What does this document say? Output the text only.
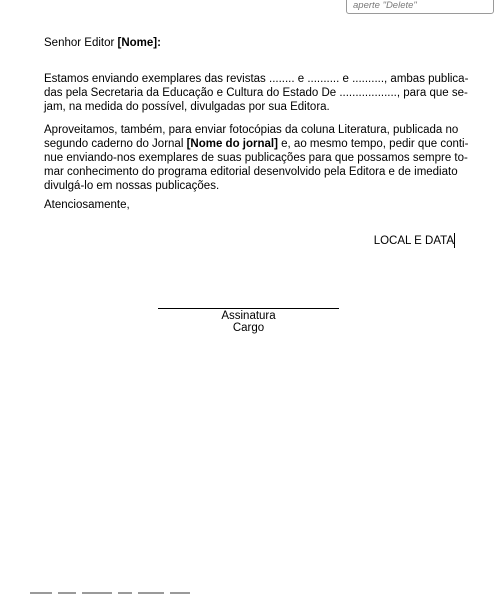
aperte "Delete"
Senhor Editor [Nome]:
Estamos enviando exemplares das revistas ........ e .......... e .........., ambas publica-
das pela Secretaria da Educação e Cultura do Estado De .................., para que se-
jam, na medida do possível, divulgadas por sua Editora.
Aproveitamos, também, para enviar fotocópias da coluna Literatura, publicada no
segundo caderno do Jornal [Nome do jornal] e, ao mesmo tempo, pedir que conti-
nue enviando-nos exemplares de suas publicações para que possamos sempre to-
mar conhecimento do programa editorial desenvolvido pela Editora e de imediato
divulgá-lo em nossas publicações.
Atenciosamente,
LOCAL E DATA
Assinatura
Cargo
